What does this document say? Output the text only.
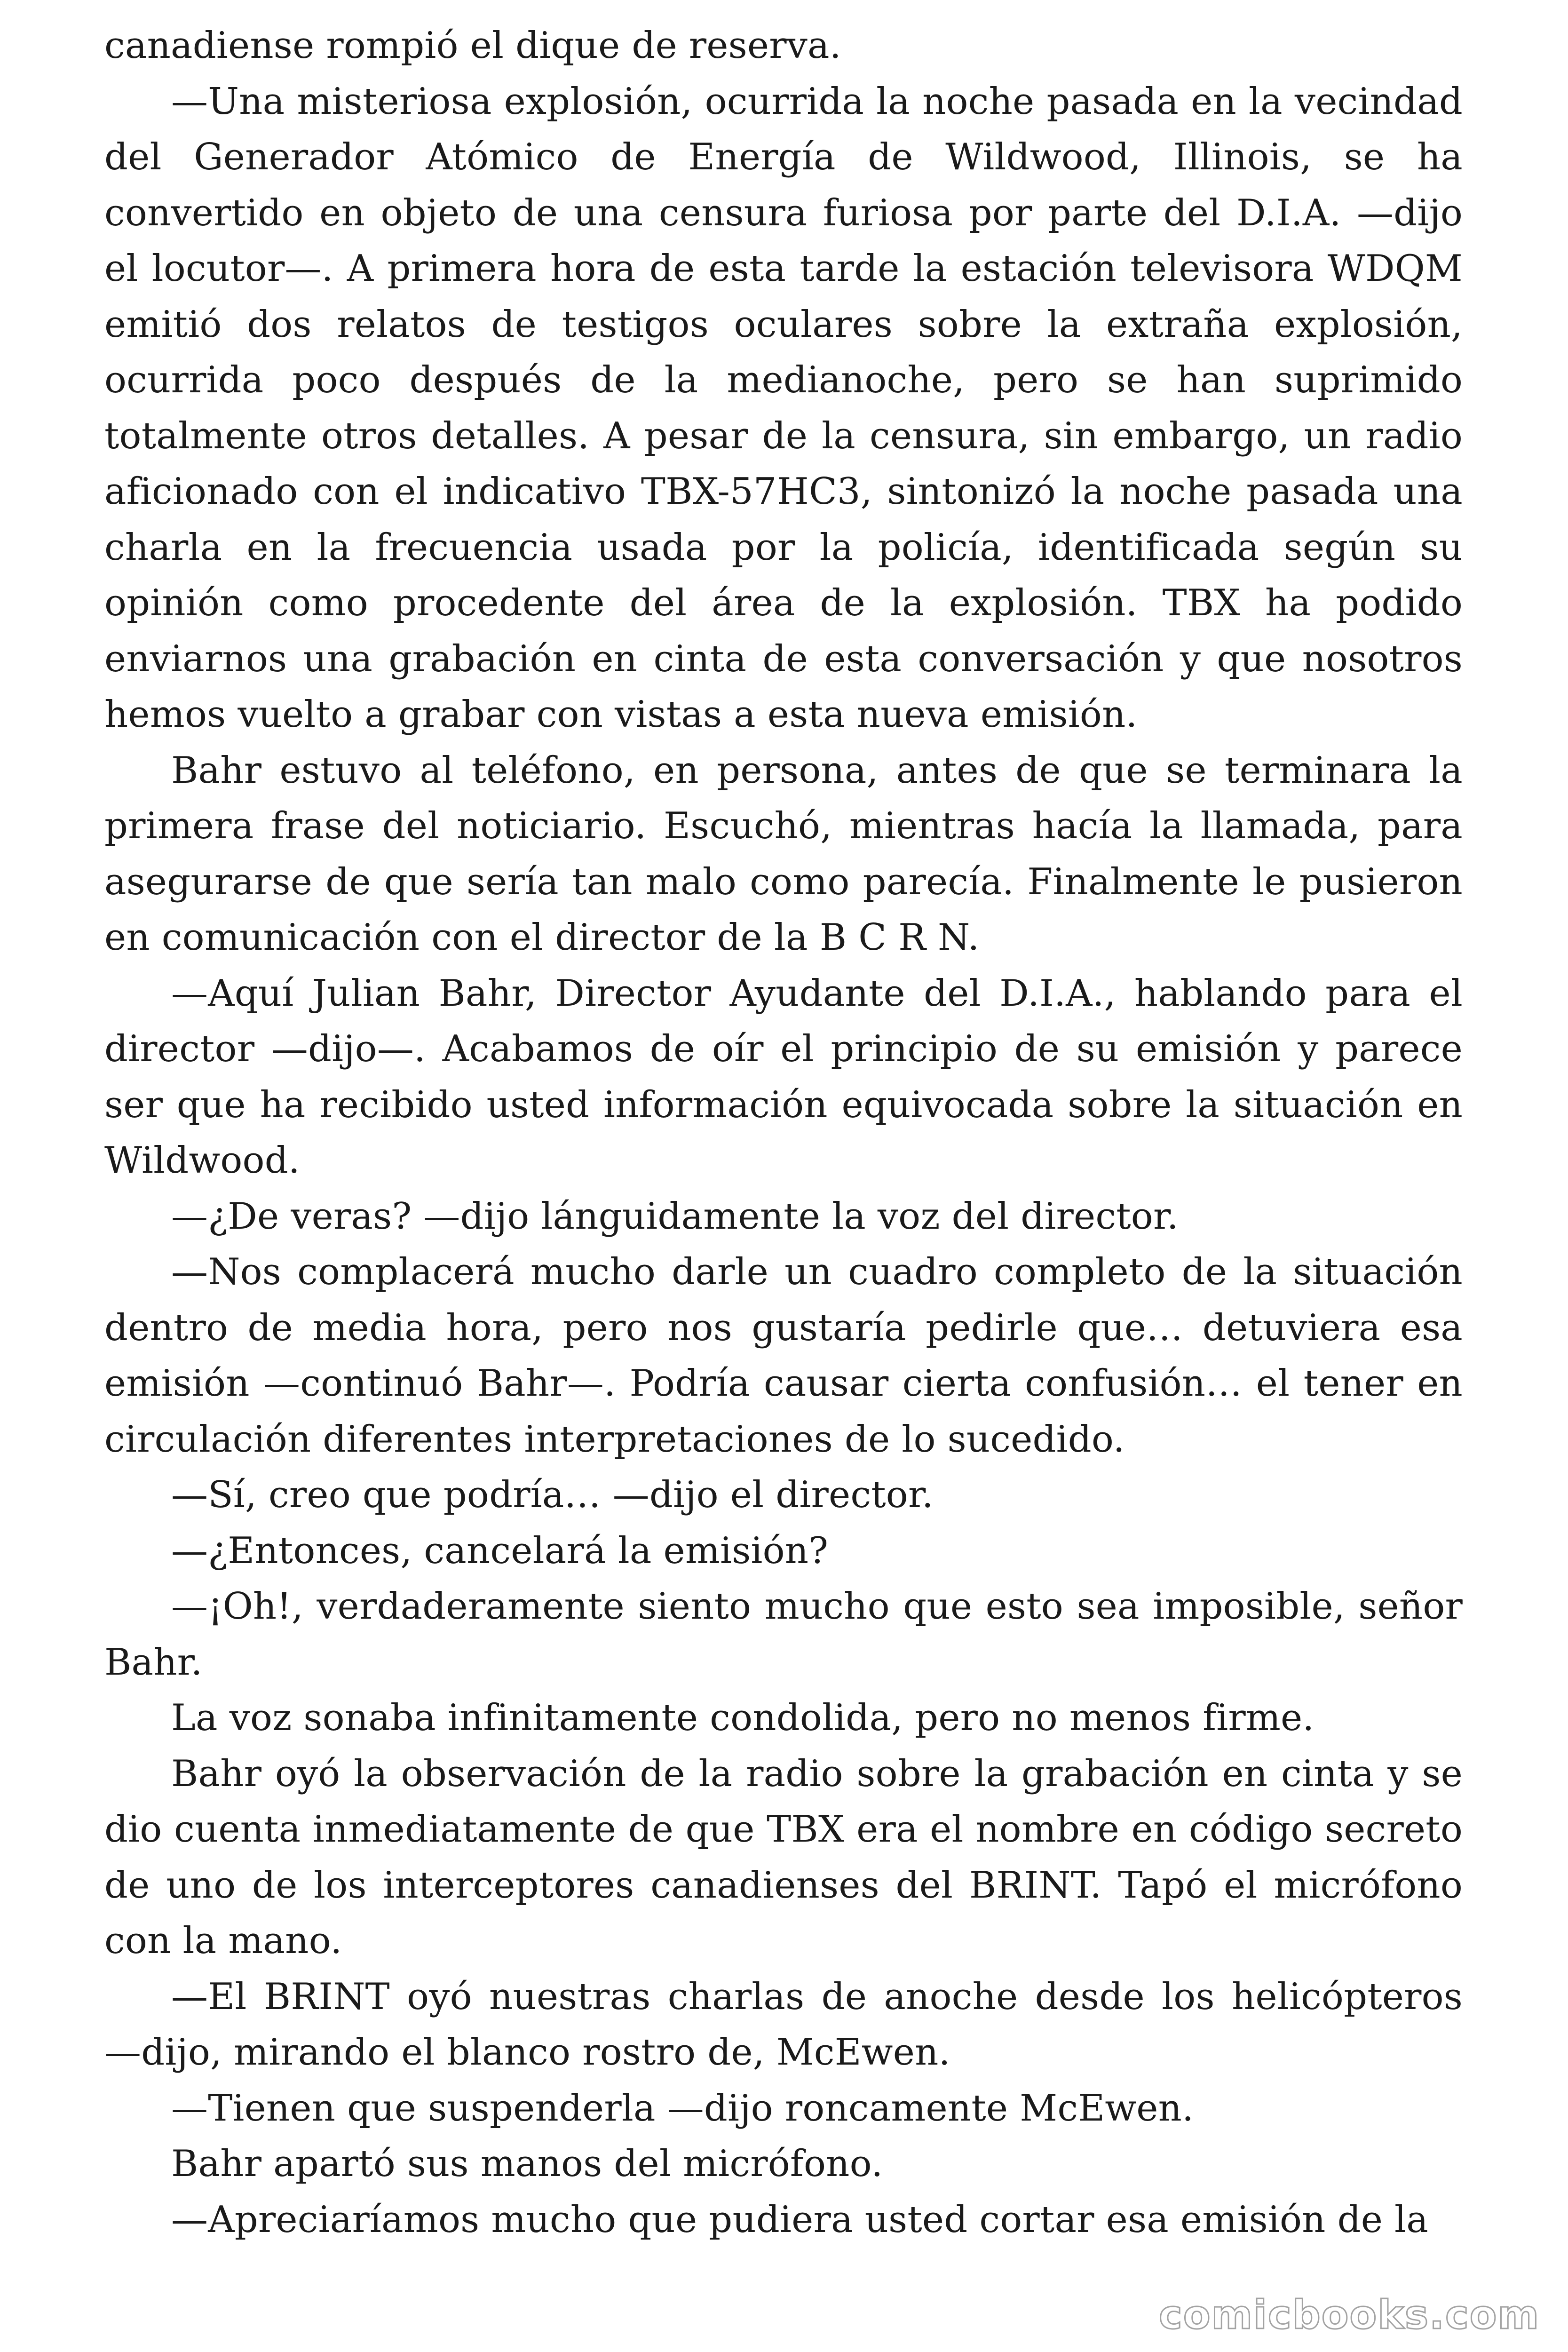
canadiense rompió el dique de reserva.

—Una misteriosa explosión, ocurrida la noche pasada en la vecindad del Generador Atómico de Energía de Wildwood, Illinois, se ha convertido en objeto de una censura furiosa por parte del D.I.A. —dijo el locutor—. A primera hora de esta tarde la estación televisora WDQM emitió dos relatos de testigos oculares sobre la extraña explosión, ocurrida poco después de la medianoche, pero se han suprimido totalmente otros detalles. A pesar de la censura, sin embargo, un radio aficionado con el indicativo TBX-57HC3, sintonizó la noche pasada una charla en la frecuencia usada por la policía, identificada según su opinión como procedente del área de la explosión. TBX ha podido enviarnos una grabación en cinta de esta conversación y que nosotros hemos vuelto a grabar con vistas a esta nueva emisión.

Bahr estuvo al teléfono, en persona, antes de que se terminara la primera frase del noticiario. Escuchó, mientras hacía la llamada, para asegurarse de que sería tan malo como parecía. Finalmente le pusieron en comunicación con el director de la B C R N.

—Aquí Julian Bahr, Director Ayudante del D.I.A., hablando para el director —dijo—. Acabamos de oír el principio de su emisión y parece ser que ha recibido usted información equivocada sobre la situación en Wildwood.

—¿De veras? —dijo lánguidamente la voz del director.

—Nos complacerá mucho darle un cuadro completo de la situación dentro de media hora, pero nos gustaría pedirle que… detuviera esa emisión —continuó Bahr—. Podría causar cierta confusión… el tener en circulación diferentes interpretaciones de lo sucedido.

—Sí, creo que podría… —dijo el director.

—¿Entonces, cancelará la emisión?

—¡Oh!, verdaderamente siento mucho que esto sea imposible, señor Bahr.

La voz sonaba infinitamente condolida, pero no menos firme.

Bahr oyó la observación de la radio sobre la grabación en cinta y se dio cuenta inmediatamente de que TBX era el nombre en código secreto de uno de los interceptores canadienses del BRINT. Tapó el micrófono con la mano.

—El BRINT oyó nuestras charlas de anoche desde los helicópteros —dijo, mirando el blanco rostro de, McEwen.

—Tienen que suspenderla —dijo roncamente McEwen.

Bahr apartó sus manos del micrófono.

—Apreciaríamos mucho que pudiera usted cortar esa emisión de la

comicbooks.com
